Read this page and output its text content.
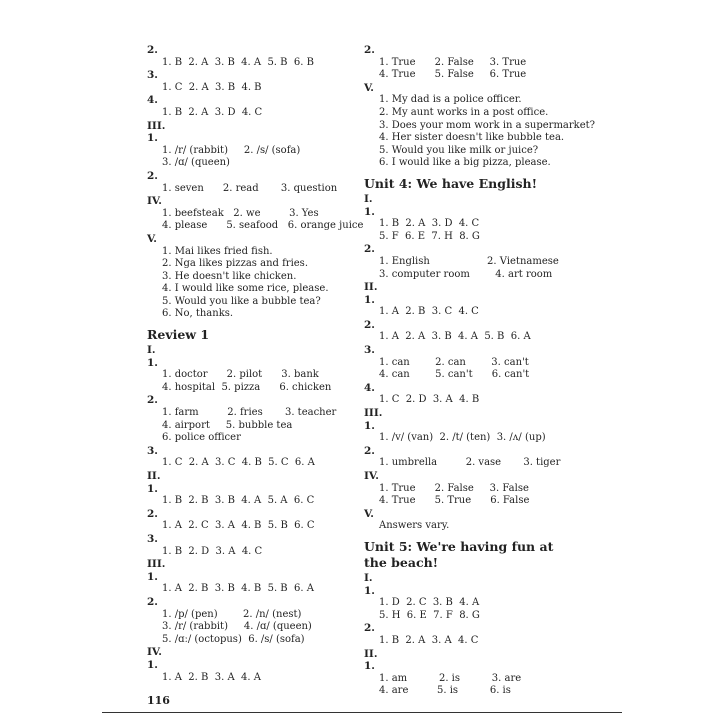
2.
1. B  2. A  3. B  4. A  5. B  6. B
3.
1. C  2. A  3. B  4. B
4.
1. B  2. A  3. D  4. C
III.
1.
1. /r/ (rabbit)     2. /s/ (sofa)
3. /ɑ/ (queen)
2.
1. seven      2. read       3. question
IV.
1. beefsteak   2. we         3. Yes
4. please      5. seafood   6. orange juice
V.
1. Mai likes fried fish.
2. Nga likes pizzas and fries.
3. He doesn't like chicken.
4. I would like some rice, please.
5. Would you like a bubble tea?
6. No, thanks.
Review 1
I.
1.
1. doctor      2. pilot      3. bank
4. hospital  5. pizza      6. chicken
2.
1. farm         2. fries       3. teacher
4. airport     5. bubble tea
6. police officer
3.
1. C  2. A  3. C  4. B  5. C  6. A
II.
1.
1. B  2. B  3. B  4. A  5. A  6. C
2.
1. A  2. C  3. A  4. B  5. B  6. C
3.
1. B  2. D  3. A  4. C
III.
1.
1. A  2. B  3. B  4. B  5. B  6. A
2.
1. /p/ (pen)        2. /n/ (nest)
3. /r/ (rabbit)     4. /ɑ/ (queen)
5. /ɑː/ (octopus)  6. /s/ (sofa)
IV.
1.
1. A  2. B  3. A  4. A
2.
1. True      2. False     3. True
4. True      5. False     6. True
V.
1. My dad is a police officer.
2. My aunt works in a post office.
3. Does your mom work in a supermarket?
4. Her sister doesn't like bubble tea.
5. Would you like milk or juice?
6. I would like a big pizza, please.
Unit 4: We have English!
I.
1.
1. B  2. A  3. D  4. C
5. F  6. E  7. H  8. G
2.
1. English                  2. Vietnamese
3. computer room        4. art room
II.
1.
1. A  2. B  3. C  4. C
2.
1. A  2. A  3. B  4. A  5. B  6. A
3.
1. can        2. can        3. can't
4. can        5. can't      6. can't
4.
1. C  2. D  3. A  4. B
III.
1.
1. /v/ (van)  2. /t/ (ten)  3. /ʌ/ (up)
2.
1. umbrella         2. vase       3. tiger
IV.
1. True      2. False     3. False
4. True      5. True      6. False
V.
Answers vary.
Unit 5: We're having fun at the beach!
I.
1.
1. D  2. C  3. B  4. A
5. H  6. E  7. F  8. G
2.
1. B  2. A  3. A  4. C
II.
1.
1. am          2. is          3. are
4. are         5. is          6. is
116
